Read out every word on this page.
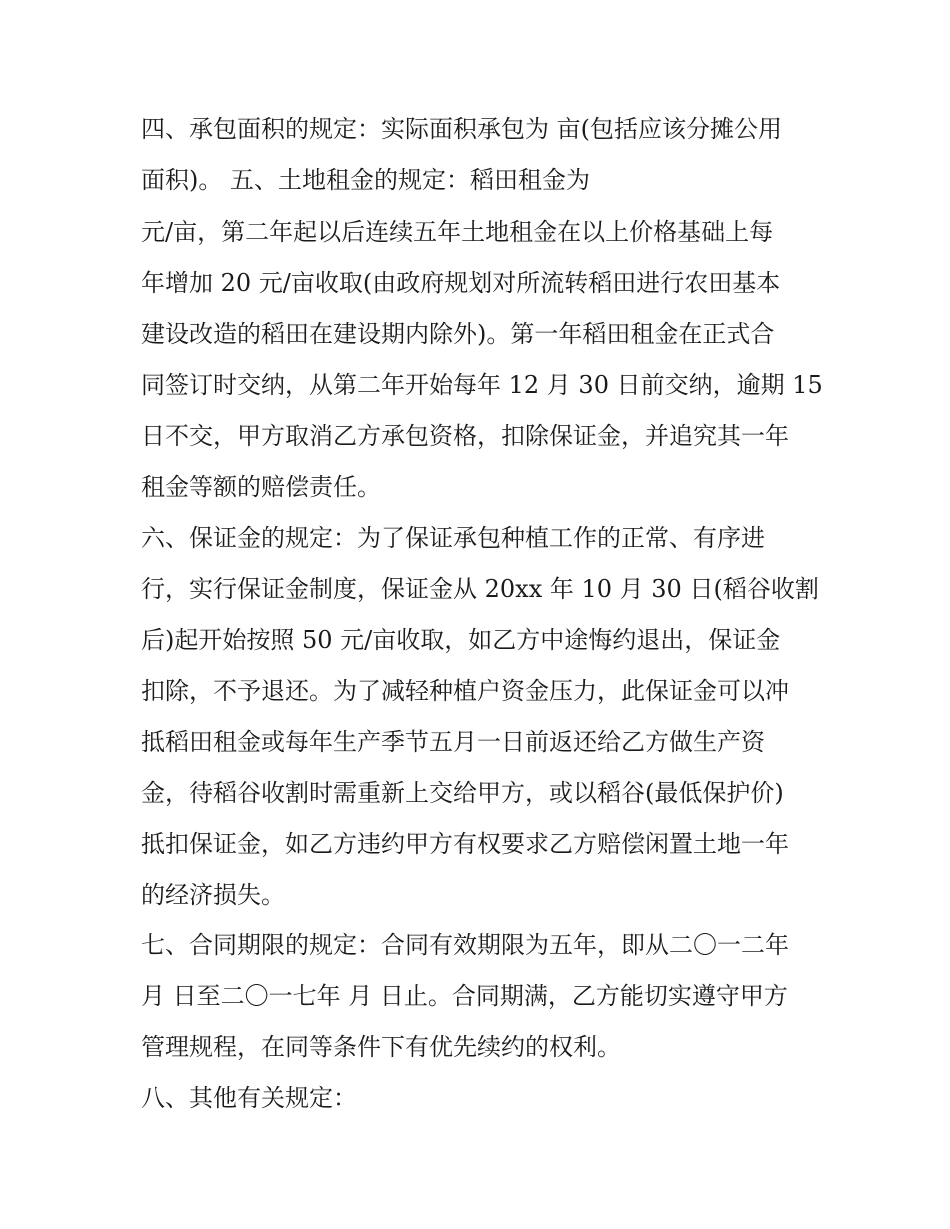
四、承包面积的规定：实际面积承包为 亩(包括应该分摊公用
面积)。 五、土地租金的规定：稻田租金为
元/亩，第二年起以后连续五年土地租金在以上价格基础上每
年增加 20 元/亩收取(由政府规划对所流转稻田进行农田基本
建设改造的稻田在建设期内除外)。第一年稻田租金在正式合
同签订时交纳，从第二年开始每年 12 月 30 日前交纳，逾期 15
日不交，甲方取消乙方承包资格，扣除保证金，并追究其一年
租金等额的赔偿责任。
六、保证金的规定：为了保证承包种植工作的正常、有序进
行，实行保证金制度，保证金从 20xx 年 10 月 30 日(稻谷收割
后)起开始按照 50 元/亩收取，如乙方中途悔约退出，保证金
扣除，不予退还。为了减轻种植户资金压力，此保证金可以冲
抵稻田租金或每年生产季节五月一日前返还给乙方做生产资
金，待稻谷收割时需重新上交给甲方，或以稻谷(最低保护价)
抵扣保证金，如乙方违约甲方有权要求乙方赔偿闲置土地一年
的经济损失。
七、合同期限的规定：合同有效期限为五年，即从二〇一二年
月 日至二〇一七年 月 日止。合同期满，乙方能切实遵守甲方
管理规程，在同等条件下有优先续约的权利。
八、其他有关规定：
